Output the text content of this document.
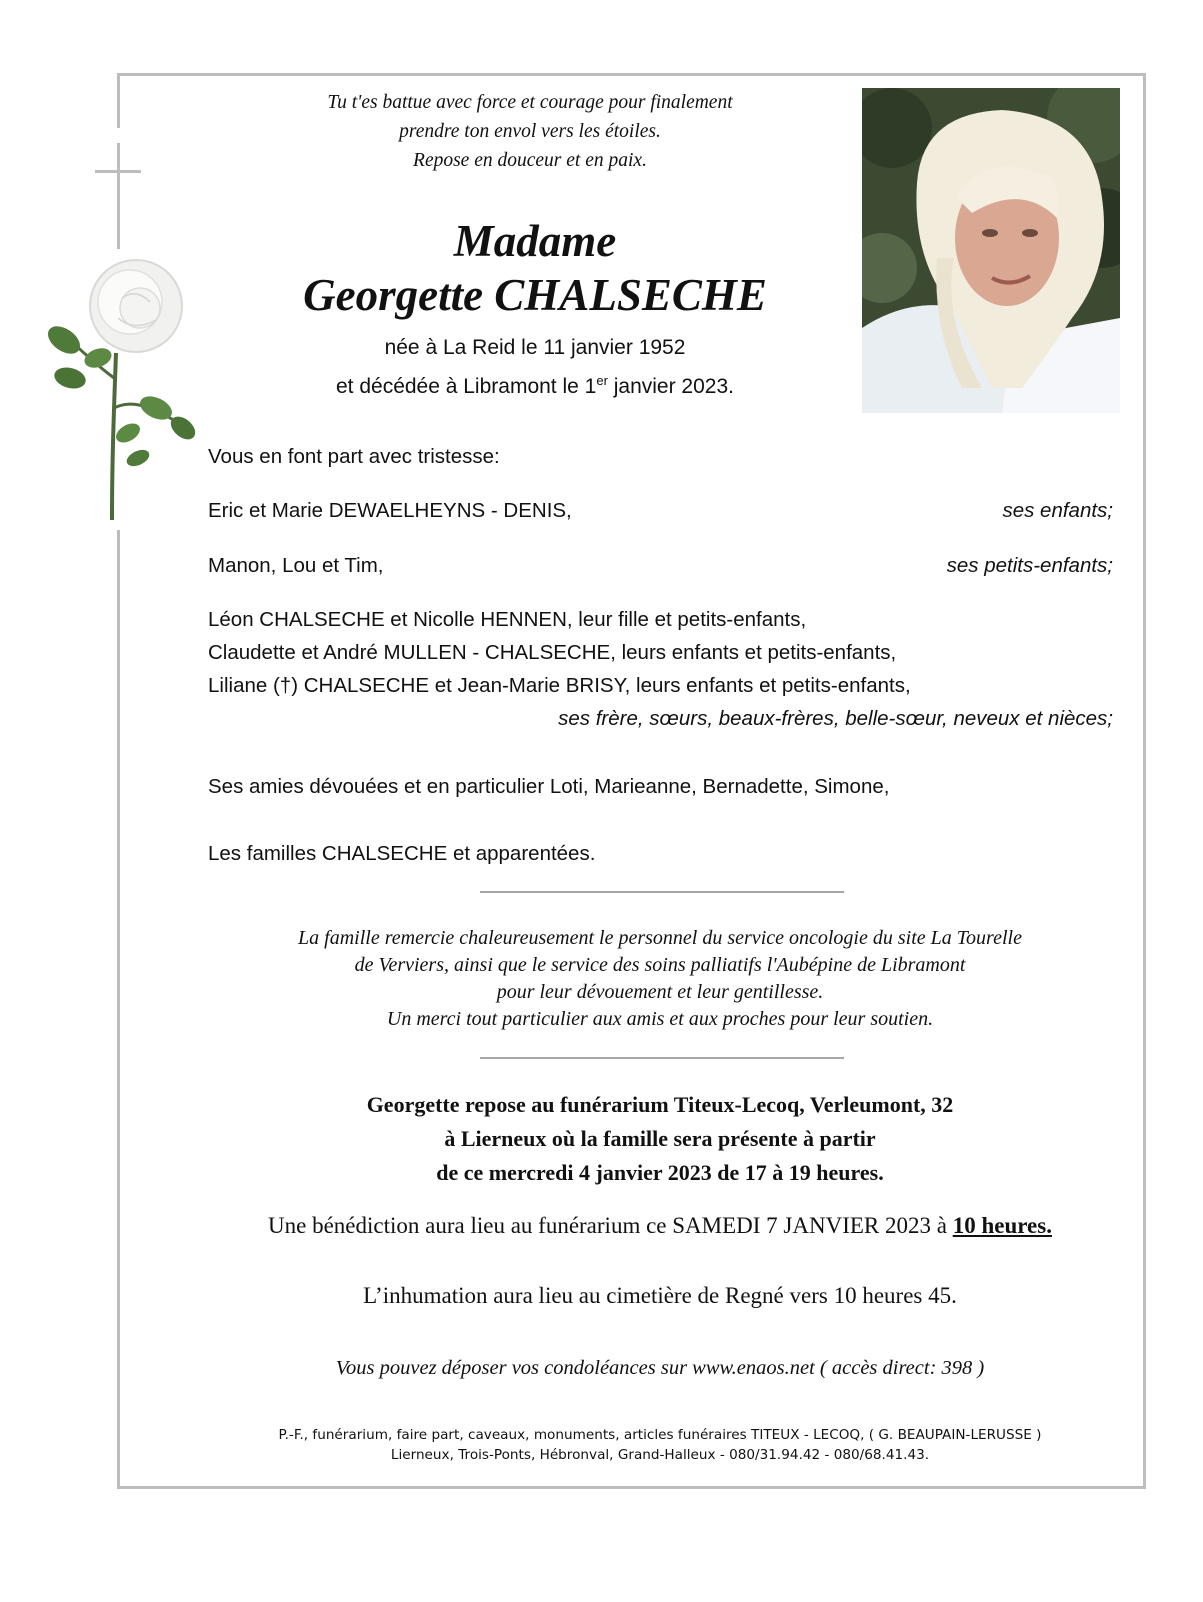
Tu t'es battue avec force et courage pour finalement
prendre ton envol vers les étoiles.
Repose en douceur et en paix.
Madame
Georgette CHALSECHE
née à La Reid le 11 janvier 1952
et décédée à Libramont le 1er janvier 2023.
Vous en font part avec tristesse:
Eric et Marie DEWAELHEYNS - DENIS,	ses enfants;
Manon, Lou et Tim,	ses petits-enfants;
Léon CHALSECHE et Nicolle HENNEN, leur fille et petits-enfants,
Claudette et André MULLEN - CHALSECHE, leurs enfants et petits-enfants,
Liliane (†) CHALSECHE et Jean-Marie BRISY, leurs enfants et petits-enfants,
ses frère, sœurs, beaux-frères, belle-sœur, neveux et nièces;
Ses amies dévouées et en particulier Loti, Marieanne, Bernadette, Simone,
Les familles CHALSECHE et apparentées.
La famille remercie chaleureusement le personnel du service oncologie du site La Tourelle
de Verviers, ainsi que le service des soins palliatifs l'Aubépine de Libramont
pour leur dévouement et leur gentillesse.
Un merci tout particulier aux amis et aux proches pour leur soutien.
Georgette repose au funérarium Titeux-Lecoq, Verleumont, 32
à Lierneux où la famille sera présente à partir
de ce mercredi 4 janvier 2023 de 17 à 19 heures.
Une bénédiction aura lieu au funérarium ce SAMEDI 7 JANVIER 2023 à 10 heures.
L’inhumation aura lieu au cimetière de Regné vers 10 heures 45.
Vous pouvez déposer vos condoléances sur www.enaos.net ( accès direct: 398 )
P.-F., funérarium, faire part, caveaux, monuments, articles funéraires TITEUX - LECOQ, ( G. BEAUPAIN-LERUSSE )
Lierneux, Trois-Ponts, Hébronval, Grand-Halleux - 080/31.94.42 - 080/68.41.43.
